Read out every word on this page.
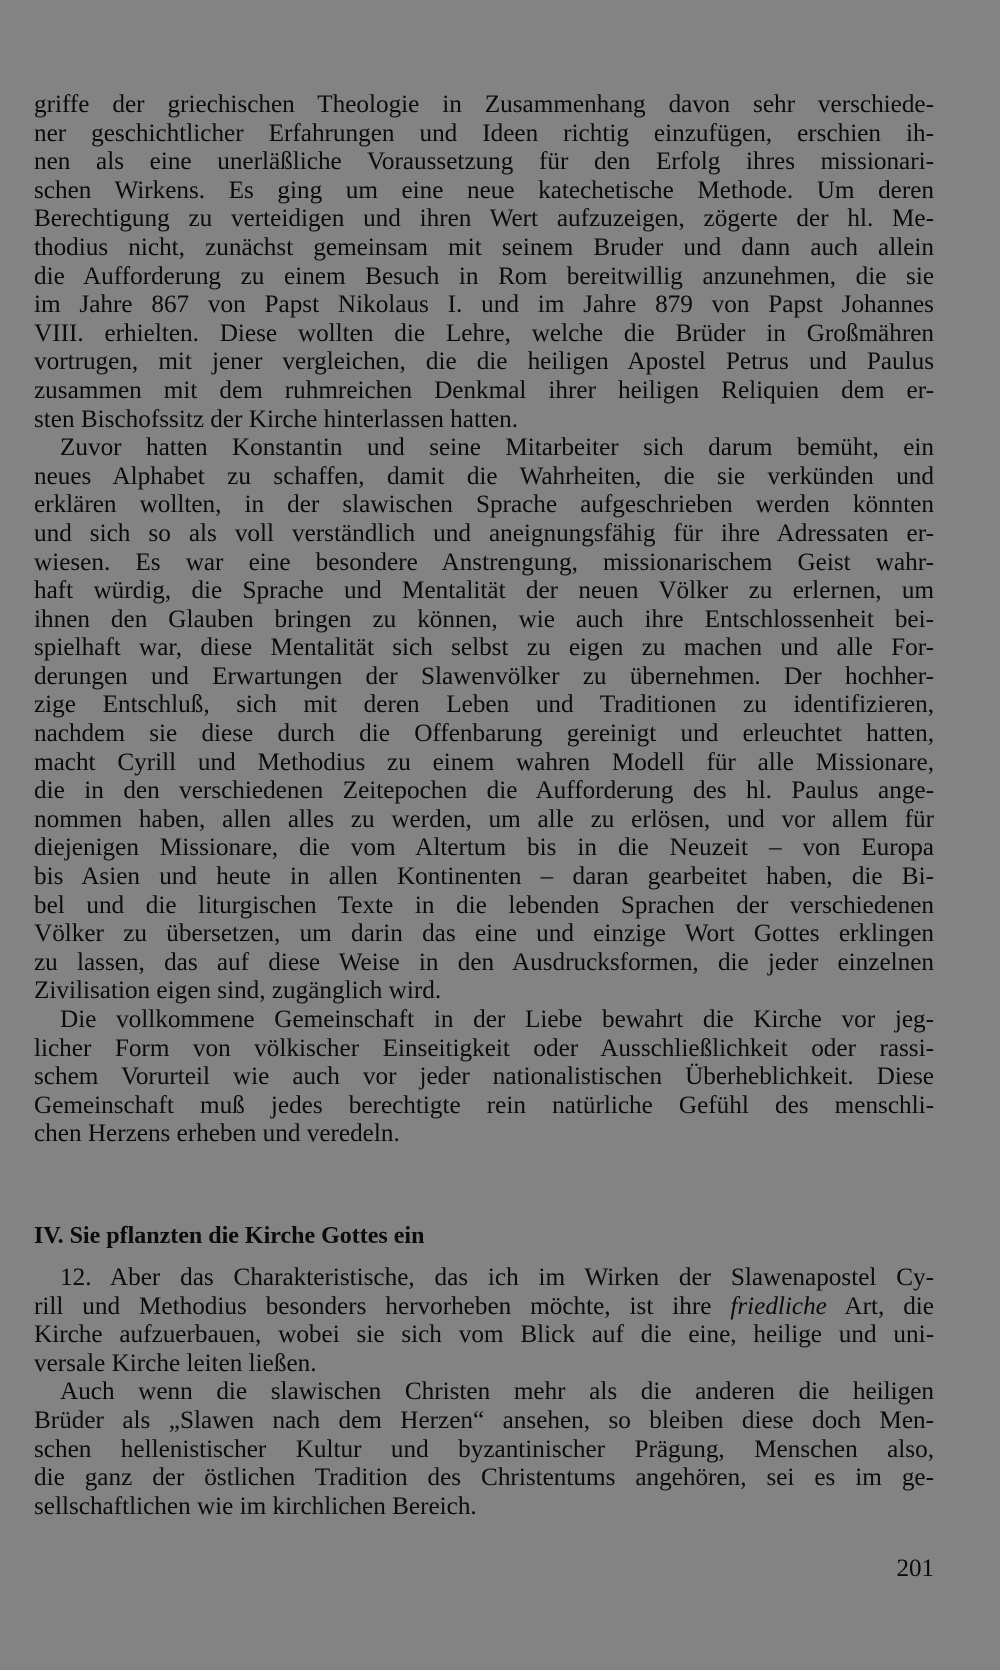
griffe der griechischen Theologie in Zusammenhang davon sehr verschiede-
ner geschichtlicher Erfahrungen und Ideen richtig einzufügen, erschien ih-
nen als eine unerläßliche Voraussetzung für den Erfolg ihres missionari-
schen Wirkens. Es ging um eine neue katechetische Methode. Um deren
Berechtigung zu verteidigen und ihren Wert aufzuzeigen, zögerte der hl. Me-
thodius nicht, zunächst gemeinsam mit seinem Bruder und dann auch allein
die Aufforderung zu einem Besuch in Rom bereitwillig anzunehmen, die sie
im Jahre 867 von Papst Nikolaus I. und im Jahre 879 von Papst Johannes
VIII. erhielten. Diese wollten die Lehre, welche die Brüder in Großmähren
vortrugen, mit jener vergleichen, die die heiligen Apostel Petrus und Paulus
zusammen mit dem ruhmreichen Denkmal ihrer heiligen Reliquien dem er-
sten Bischofssitz der Kirche hinterlassen hatten.

Zuvor hatten Konstantin und seine Mitarbeiter sich darum bemüht, ein
neues Alphabet zu schaffen, damit die Wahrheiten, die sie verkünden und
erklären wollten, in der slawischen Sprache aufgeschrieben werden könnten
und sich so als voll verständlich und aneignungsfähig für ihre Adressaten er-
wiesen. Es war eine besondere Anstrengung, missionarischem Geist wahr-
haft würdig, die Sprache und Mentalität der neuen Völker zu erlernen, um
ihnen den Glauben bringen zu können, wie auch ihre Entschlossenheit bei-
spielhaft war, diese Mentalität sich selbst zu eigen zu machen und alle For-
derungen und Erwartungen der Slawenvölker zu übernehmen. Der hochher-
zige Entschluß, sich mit deren Leben und Traditionen zu identifizieren,
nachdem sie diese durch die Offenbarung gereinigt und erleuchtet hatten,
macht Cyrill und Methodius zu einem wahren Modell für alle Missionare,
die in den verschiedenen Zeitepochen die Aufforderung des hl. Paulus ange-
nommen haben, allen alles zu werden, um alle zu erlösen, und vor allem für
diejenigen Missionare, die vom Altertum bis in die Neuzeit – von Europa
bis Asien und heute in allen Kontinenten – daran gearbeitet haben, die Bi-
bel und die liturgischen Texte in die lebenden Sprachen der verschiedenen
Völker zu übersetzen, um darin das eine und einzige Wort Gottes erklingen
zu lassen, das auf diese Weise in den Ausdrucksformen, die jeder einzelnen
Zivilisation eigen sind, zugänglich wird.

Die vollkommene Gemeinschaft in der Liebe bewahrt die Kirche vor jeg-
licher Form von völkischer Einseitigkeit oder Ausschließlichkeit oder rassi-
schem Vorurteil wie auch vor jeder nationalistischen Überheblichkeit. Diese
Gemeinschaft muß jedes berechtigte rein natürliche Gefühl des menschli-
chen Herzens erheben und veredeln.

IV. Sie pflanzten die Kirche Gottes ein

12. Aber das Charakteristische, das ich im Wirken der Slawenapostel Cy-
rill und Methodius besonders hervorheben möchte, ist ihre friedliche Art, die
Kirche aufzuerbauen, wobei sie sich vom Blick auf die eine, heilige und uni-
versale Kirche leiten ließen.

Auch wenn die slawischen Christen mehr als die anderen die heiligen
Brüder als „Slawen nach dem Herzen“ ansehen, so bleiben diese doch Men-
schen hellenistischer Kultur und byzantinischer Prägung, Menschen also,
die ganz der östlichen Tradition des Christentums angehören, sei es im ge-
sellschaftlichen wie im kirchlichen Bereich.

201
